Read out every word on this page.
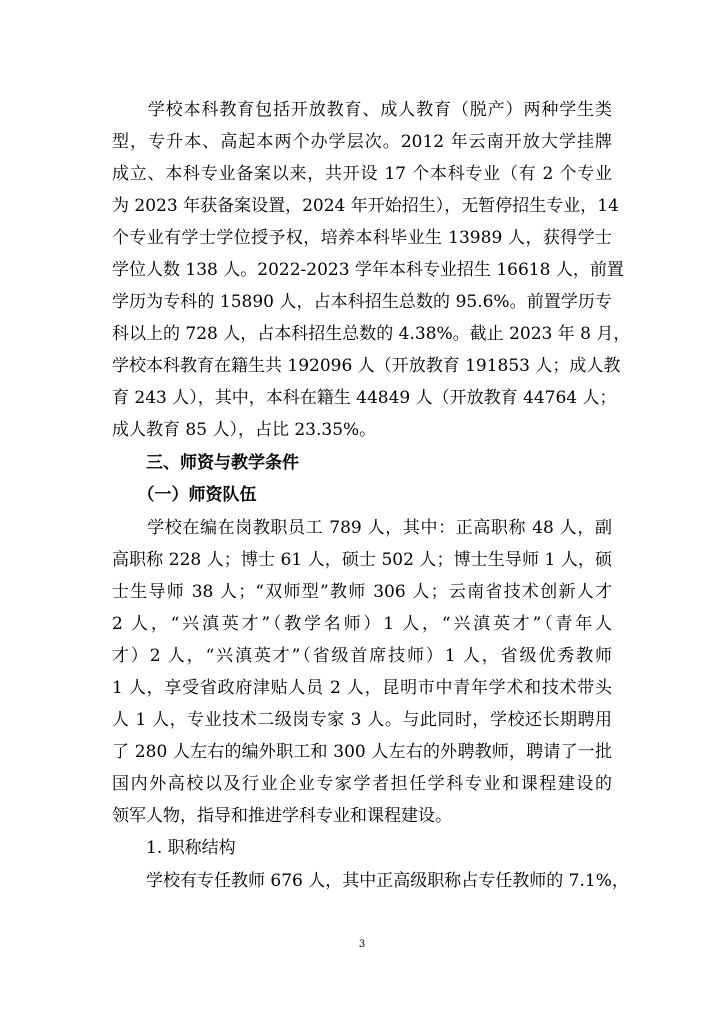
　　学校本科教育包括开放教育、成人教育（脱产）两种学生类
型，专升本、高起本两个办学层次。2012 年云南开放大学挂牌
成立、本科专业备案以来，共开设 17 个本科专业（有 2 个专业
为 2023 年获备案设置，2024 年开始招生），无暂停招生专业，14
个专业有学士学位授予权，培养本科毕业生 13989 人，获得学士
学位人数 138 人。2022-2023 学年本科专业招生 16618 人，前置
学历为专科的 15890 人，占本科招生总数的 95.6%。前置学历专
科以上的 728 人，占本科招生总数的 4.38%。截止 2023 年 8 月，
学校本科教育在籍生共 192096 人（开放教育 191853 人；成人教
育 243 人），其中，本科在籍生 44849 人（开放教育 44764 人；
成人教育 85 人），占比 23.35%。
　　三、师资与教学条件
　　（一）师资队伍
　　学校在编在岗教职员工 789 人，其中：正高职称 48 人，副
高职称 228 人；博士 61 人，硕士 502 人；博士生导师 1 人，硕
士生导师 38 人；“双师型”教师 306 人；云南省技术创新人才
2 人，“兴滇英才”（教学名师）1 人，“兴滇英才”（青年人
才）2 人，“兴滇英才”（省级首席技师）1 人，省级优秀教师
1 人，享受省政府津贴人员 2 人，昆明市中青年学术和技术带头
人 1 人，专业技术二级岗专家 3 人。与此同时，学校还长期聘用
了 280 人左右的编外职工和 300 人左右的外聘教师，聘请了一批
国内外高校以及行业企业专家学者担任学科专业和课程建设的
领军人物，指导和推进学科专业和课程建设。
　　1. 职称结构
　　学校有专任教师 676 人，其中正高级职称占专任教师的 7.1%，
3
